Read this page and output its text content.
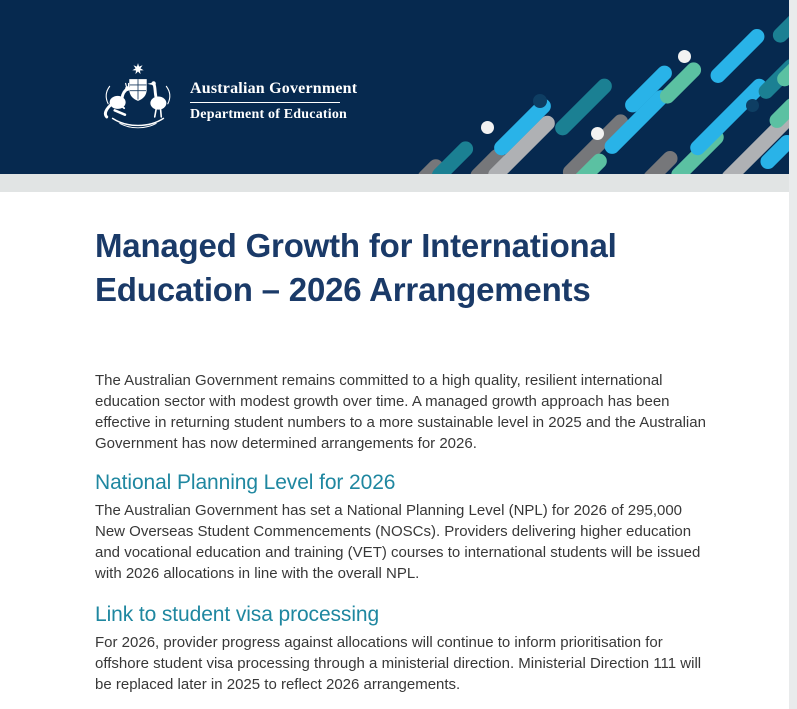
Australian Government
Department of Education
Managed Growth for International Education – 2026 Arrangements

The Australian Government remains committed to a high quality, resilient international education sector with modest growth over time. A managed growth approach has been effective in returning student numbers to a more sustainable level in 2025 and the Australian Government has now determined arrangements for 2026.

National Planning Level for 2026

The Australian Government has set a National Planning Level (NPL) for 2026 of 295,000 New Overseas Student Commencements (NOSCs). Providers delivering higher education and vocational education and training (VET) courses to international students will be issued with 2026 allocations in line with the overall NPL.

Link to student visa processing

For 2026, provider progress against allocations will continue to inform prioritisation for offshore student visa processing through a ministerial direction. Ministerial Direction 111 will be replaced later in 2025 to reflect 2026 arrangements.
